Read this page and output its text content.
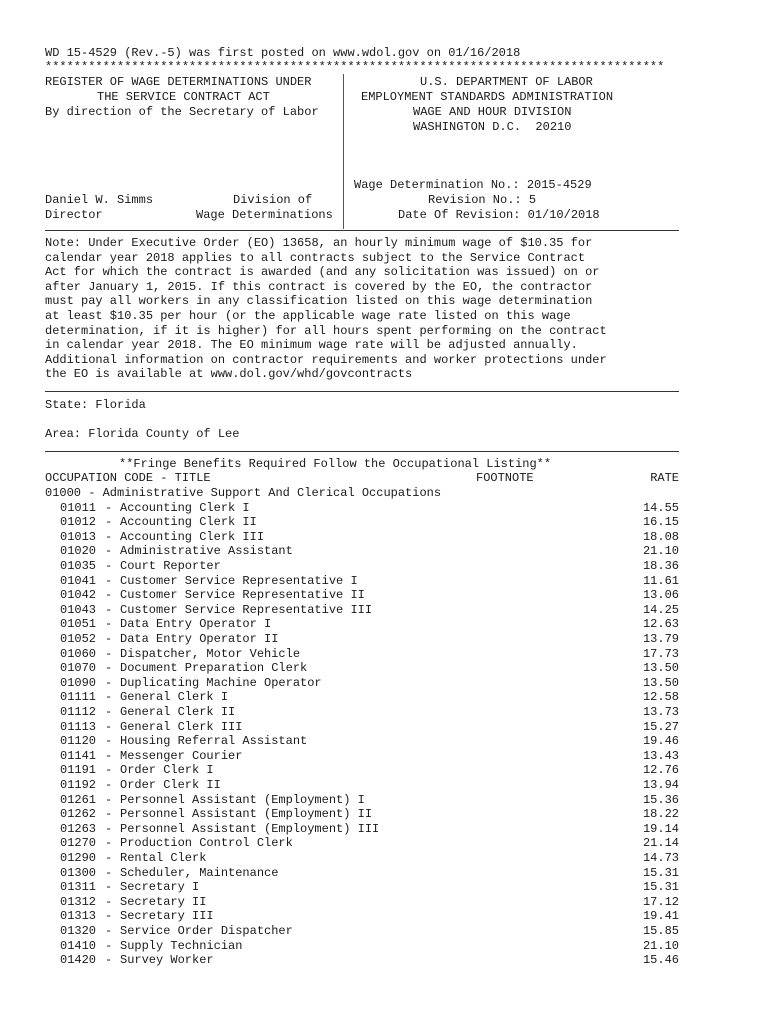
WD 15-4529 (Rev.-5) was first posted on www.wdol.gov on 01/16/2018
**************************************************************************************
REGISTER OF WAGE DETERMINATIONS UNDER
THE SERVICE CONTRACT ACT
By direction of the Secretary of Labor
Daniel W. Simms
Director
Division of
Wage Determinations
U.S. DEPARTMENT OF LABOR
EMPLOYMENT STANDARDS ADMINISTRATION
WAGE AND HOUR DIVISION
WASHINGTON D.C.  20210
Wage Determination No.: 2015-4529
Revision No.: 5
Date Of Revision: 01/10/2018
Note: Under Executive Order (EO) 13658, an hourly minimum wage of $10.35 for
calendar year 2018 applies to all contracts subject to the Service Contract
Act for which the contract is awarded (and any solicitation was issued) on or
after January 1, 2015. If this contract is covered by the EO, the contractor
must pay all workers in any classification listed on this wage determination
at least $10.35 per hour (or the applicable wage rate listed on this wage
determination, if it is higher) for all hours spent performing on the contract
in calendar year 2018. The EO minimum wage rate will be adjusted annually.
Additional information on contractor requirements and worker protections under
the EO is available at www.dol.gov/whd/govcontracts
State: Florida
Area: Florida County of Lee
**Fringe Benefits Required Follow the Occupational Listing**
OCCUPATION CODE - TITLE	FOOTNOTE	RATE
01000 - Administrative Support And Clerical Occupations
01011 - Accounting Clerk I	14.55
01012 - Accounting Clerk II	16.15
01013 - Accounting Clerk III	18.08
01020 - Administrative Assistant	21.10
01035 - Court Reporter	18.36
01041 - Customer Service Representative I	11.61
01042 - Customer Service Representative II	13.06
01043 - Customer Service Representative III	14.25
01051 - Data Entry Operator I	12.63
01052 - Data Entry Operator II	13.79
01060 - Dispatcher, Motor Vehicle	17.73
01070 - Document Preparation Clerk	13.50
01090 - Duplicating Machine Operator	13.50
01111 - General Clerk I	12.58
01112 - General Clerk II	13.73
01113 - General Clerk III	15.27
01120 - Housing Referral Assistant	19.46
01141 - Messenger Courier	13.43
01191 - Order Clerk I	12.76
01192 - Order Clerk II	13.94
01261 - Personnel Assistant (Employment) I	15.36
01262 - Personnel Assistant (Employment) II	18.22
01263 - Personnel Assistant (Employment) III	19.14
01270 - Production Control Clerk	21.14
01290 - Rental Clerk	14.73
01300 - Scheduler, Maintenance	15.31
01311 - Secretary I	15.31
01312 - Secretary II	17.12
01313 - Secretary III	19.41
01320 - Service Order Dispatcher	15.85
01410 - Supply Technician	21.10
01420 - Survey Worker	15.46
